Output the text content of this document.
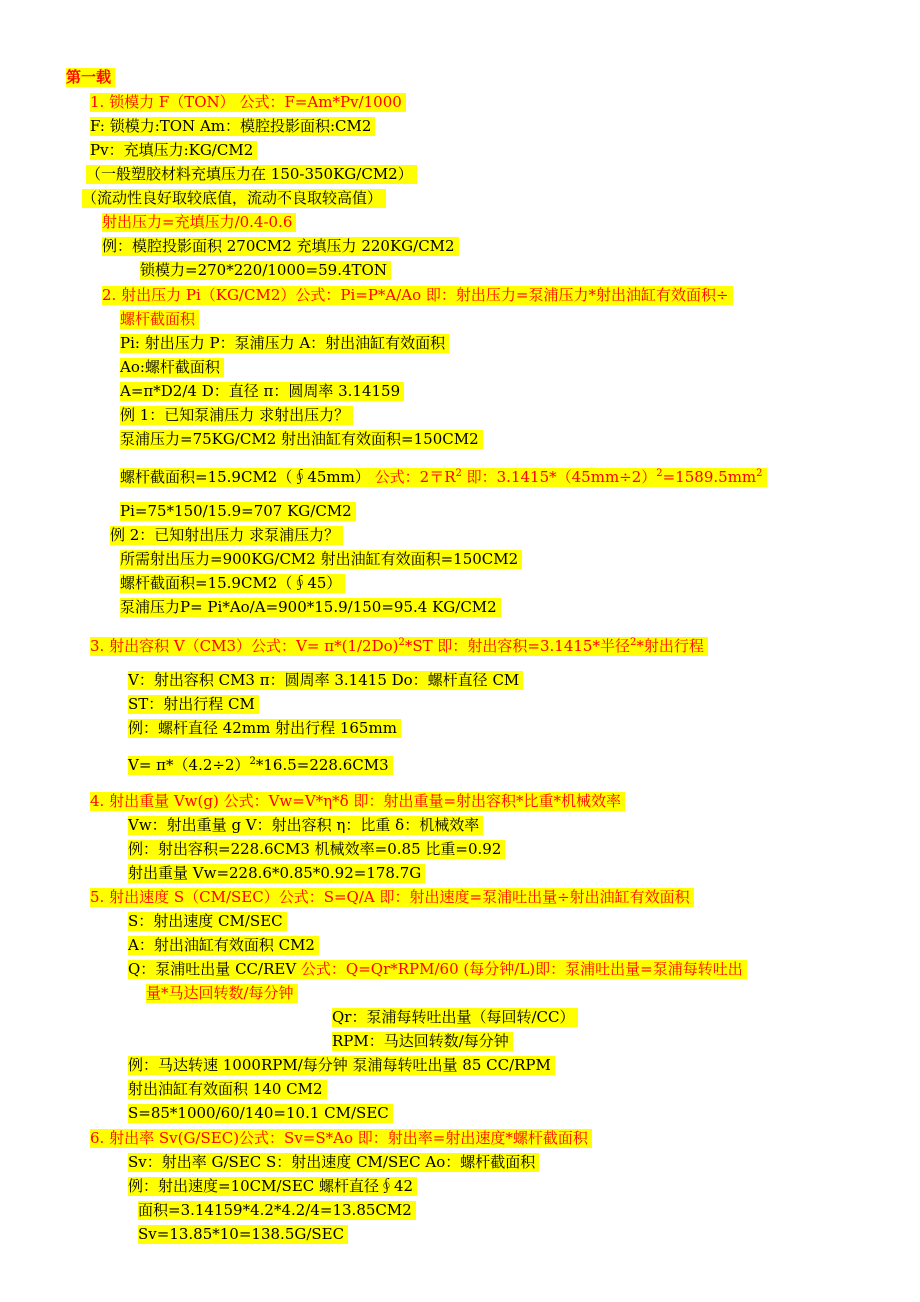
第一载
1. 锁模力 F（TON） 公式：F=Am*Pv/1000
F: 锁模力:TON Am：模腔投影面积:CM2
Pv：充填压力:KG/CM2
（一般塑胶材料充填压力在 150-350KG/CM2）
（流动性良好取较底值，流动不良取较高值）
射出压力=充填压力/0.4-0.6
例：模腔投影面积 270CM2 充填压力 220KG/CM2
锁模力=270*220/1000=59.4TON
2. 射出压力 Pi（KG/CM2）公式：Pi=P*A/Ao 即：射出压力=泵浦压力*射出油缸有效面积÷
螺杆截面积
Pi: 射出压力 P：泵浦压力 A：射出油缸有效面积
Ao:螺杆截面积
A=π*D2/4 D：直径 π：圆周率 3.14159
例 1：已知泵浦压力 求射出压力？
泵浦压力=75KG/CM2 射出油缸有效面积=150CM2
螺杆截面积=15.9CM2（∮45mm） 公式：2〒$R^2$ 即：$3.1415*(45mm\div 2)^2=1589.5mm^2$
Pi=75*150/15.9=707 KG/CM2
例 2：已知射出压力 求泵浦压力？
所需射出压力=900KG/CM2 射出油缸有效面积=150CM2
螺杆截面积=15.9CM2（∮45）
泵浦压力P= Pi*Ao/A=900*15.9/150=95.4 KG/CM2
3. 射出容积 V（CM3）公式：$V= \pi*(1/2Do)^2*ST$ 即：射出容积=3.1415*半径$^2$*射出行程
V：射出容积 CM3 π：圆周率 3.1415 Do：螺杆直径 CM
ST：射出行程 CM
例：螺杆直径 42mm 射出行程 165mm
$V= \pi*(4.2\div 2)^2*16.5=228.6CM3$
4. 射出重量 Vw(g) 公式：Vw=V*η*δ 即：射出重量=射出容积*比重*机械效率
Vw：射出重量 g V：射出容积 η：比重 δ：机械效率
例：射出容积=228.6CM3 机械效率=0.85 比重=0.92
射出重量 Vw=228.6*0.85*0.92=178.7G
5. 射出速度 S（CM/SEC）公式：S=Q/A 即：射出速度=泵浦吐出量÷射出油缸有效面积
S：射出速度 CM/SEC
A：射出油缸有效面积 CM2
Q：泵浦吐出量 CC/REV 公式：Q=Qr*RPM/60 (每分钟/L)即：泵浦吐出量=泵浦每转吐出
量*马达回转数/每分钟
Qr：泵浦每转吐出量（每回转/CC）
RPM：马达回转数/每分钟
例：马达转速 1000RPM/每分钟 泵浦每转吐出量 85 CC/RPM
射出油缸有效面积 140 CM2
S=85*1000/60/140=10.1 CM/SEC
6. 射出率 Sv(G/SEC)公式：Sv=S*Ao 即：射出率=射出速度*螺杆截面积
Sv：射出率 G/SEC S：射出速度 CM/SEC Ao：螺杆截面积
例：射出速度=10CM/SEC 螺杆直径∮42
面积=3.14159*4.2*4.2/4=13.85CM2
Sv=13.85*10=138.5G/SEC
